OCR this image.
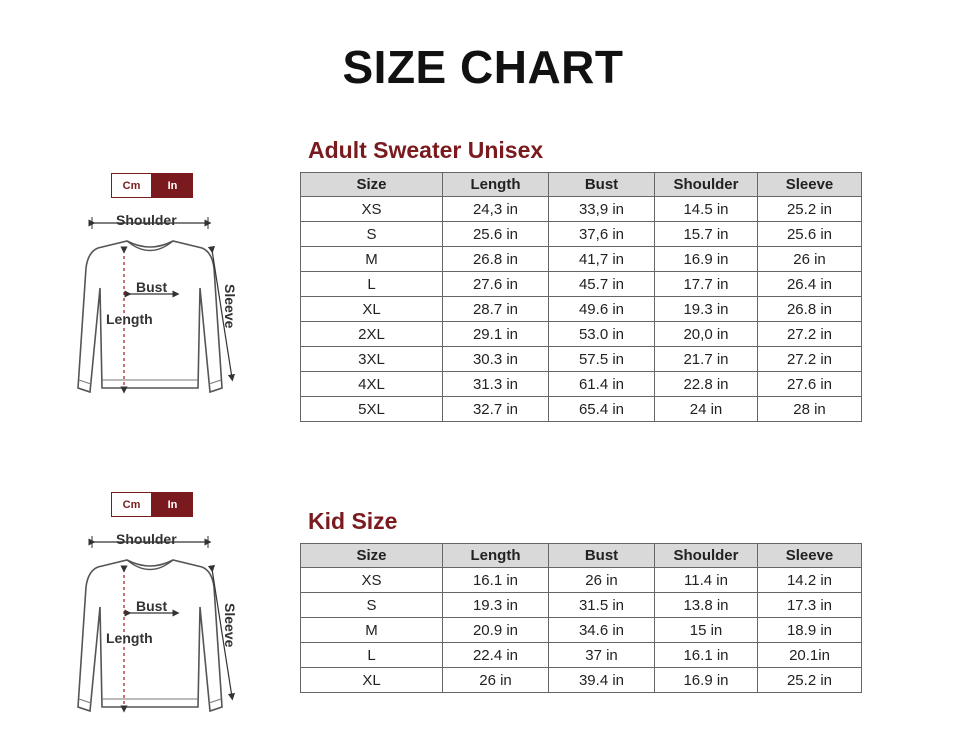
SIZE CHART
Adult Sweater Unisex
Cm	In
Shoulder
Bust
Length	Sleeve
Size	Length	Bust	Shoulder	Sleeve
XS	24,3 in	33,9 in	14.5 in	25.2 in
S	25.6 in	37,6 in	15.7 in	25.6 in
M	26.8 in	41,7 in	16.9 in	26 in
L	27.6 in	45.7 in	17.7 in	26.4 in
XL	28.7 in	49.6 in	19.3 in	26.8 in
2XL	29.1 in	53.0 in	20,0 in	27.2 in
3XL	30.3 in	57.5 in	21.7 in	27.2 in
4XL	31.3 in	61.4 in	22.8 in	27.6 in
5XL	32.7 in	65.4 in	24 in	28 in
Kid Size
Cm	In
Shoulder
Bust
Length	Sleeve
Size	Length	Bust	Shoulder	Sleeve
XS	16.1 in	26 in	11.4 in	14.2 in
S	19.3 in	31.5 in	13.8 in	17.3 in
M	20.9 in	34.6 in	15 in	18.9 in
L	22.4 in	37 in	16.1 in	20.1in
XL	26 in	39.4 in	16.9 in	25.2 in
